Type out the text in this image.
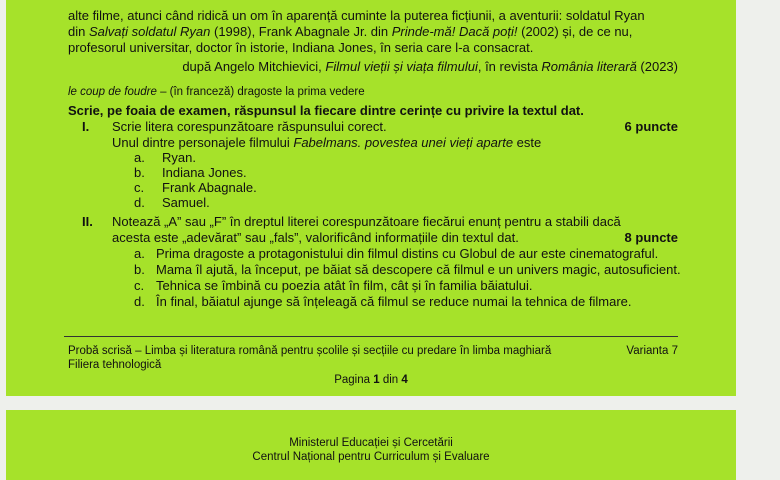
alte filme, atunci când ridică un om în aparență cuminte la puterea ficțiunii, a aventurii: soldatul Ryan
din Salvați soldatul Ryan (1998), Frank Abagnale Jr. din Prinde-mă! Dacă poți! (2002) și, de ce nu,
profesorul universitar, doctor în istorie, Indiana Jones, în seria care l-a consacrat.
după Angelo Mitchievici, Filmul vieții și viața filmului, în revista România literară (2023)
le coup de foudre – (în franceză) dragoste la prima vedere
Scrie, pe foaia de examen, răspunsul la fiecare dintre cerințe cu privire la textul dat.
I. Scrie litera corespunzătoare răspunsului corect.	6 puncte
Unul dintre personajele filmului Fabelmans. povestea unei vieți aparte este
a. Ryan.
b. Indiana Jones.
c. Frank Abagnale.
d. Samuel.
II. Notează „A” sau „F” în dreptul literei corespunzătoare fiecărui enunț pentru a stabili dacă
acesta este „adevărat” sau „fals”, valorificând informațiile din textul dat.	8 puncte
a. Prima dragoste a protagonistului din filmul distins cu Globul de aur este cinematograful.
b. Mama îl ajută, la început, pe băiat să descopere că filmul e un univers magic, autosuficient.
c. Tehnica se îmbină cu poezia atât în film, cât și în familia băiatului.
d. În final, băiatul ajunge să înțeleagă că filmul se reduce numai la tehnica de filmare.
Probă scrisă – Limba și literatura română pentru școlile și secțiile cu predare în limba maghiară	Varianta 7
Filiera tehnologică
Pagina 1 din 4
Ministerul Educației și Cercetării
Centrul Național pentru Curriculum și Evaluare
